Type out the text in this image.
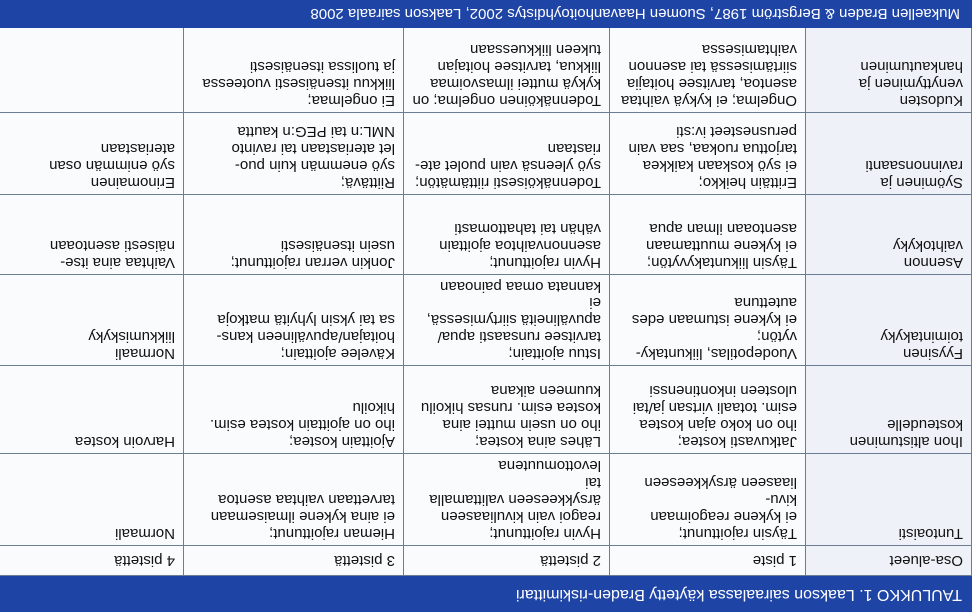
TAULUKKO 1. Laakson sairaalassa käytetty Braden-riskimittari
Osa-alueet	1 piste	2 pistettä	3 pistettä	4 pistettä
Tuntoaisti	Täysin rajoittunut;
ei kykene reagoimaan kivu-
liaaseen ärsykkeeseen	Hyvin rajoittunut;
reagoi vain kivuliaaseen
ärsykkeeseen valittamalla tai
levottomuutena	Hieman rajoittunut;
ei aina kykene ilmaisemaan
tarvettaan vaihtaa asentoa	Normaali
Ihon altistuminen
kosteudelle	Jatkuvasti kostea;
iho on koko ajan kostea
esim. totaali virtsan ja/tai
ulosteen inkontinenssi	Lähes aina kostea;
iho on usein muttei aina
kostea esim. runsas hikoilu
kuumeen aikana	Ajoittain kostea;
iho on ajoittain kostea esim.
hikoilu	Harvoin kostea
Fyysinen
toimintakyky	Vuodepotilas, liikuntaky-
vytön;
ei kykene istumaan edes
autettuna	Istuu ajoittain;
tarvitsee runsaasti apua/
apuvälineitä siirtymisessä, ei
kannata omaa painoaan	Kävelee ajoittain;
hoitajan/apuvälineen kans-
sa tai yksin lyhyitä matkoja	Normaali
liikkumiskyky
Asennon
vaihtokyky	Täysin liikuntakyvytön;
ei kykene muuttamaan
asentoaan ilman apua	Hyvin rajoittunut;
asennonvaihtoa ajoittain
vähän tai tahattomasti	Jonkin verran rajoittunut;
usein itsenäisesti	Vaihtaa aina itse-
näisesti asentoaan
Syöminen ja
ravinnonsaanti	Erittäin heikko;
ei syö koskaan kaikkea
tarjottua ruokaa, saa vain
perusnesteet iv:sti	Todennäköisesti riittämätön;
syö yleensä vain puolet ate-
riastaan	Riittävä;
syö enemmän kuin puo-
let ateriastaan tai ravinto
NML:n tai PEG:n kautta	Erinomainen
syö enimmän osan
ateriastaan
Kudosten
venyttyminen ja
hankautuminen	Ongelma; ei kykyä vaihtaa
asentoa, tarvitsee hoitajia
siirtämisessä tai asennon
vaihtamisessa	Todennäköinen ongelma; on
kykyä muttei ilmasvoimaa
liikkua, tarvitsee hoitajan
tukeen liikkuessaan	Ei ongelmaa;
liikkuu itsenäisesti vuoteessa
ja tuolissa itsenäisesti	
Mukaellen Braden & Bergström 1987, Suomen Haavanhoitoyhdistys 2002, Laakson sairaala 2008
